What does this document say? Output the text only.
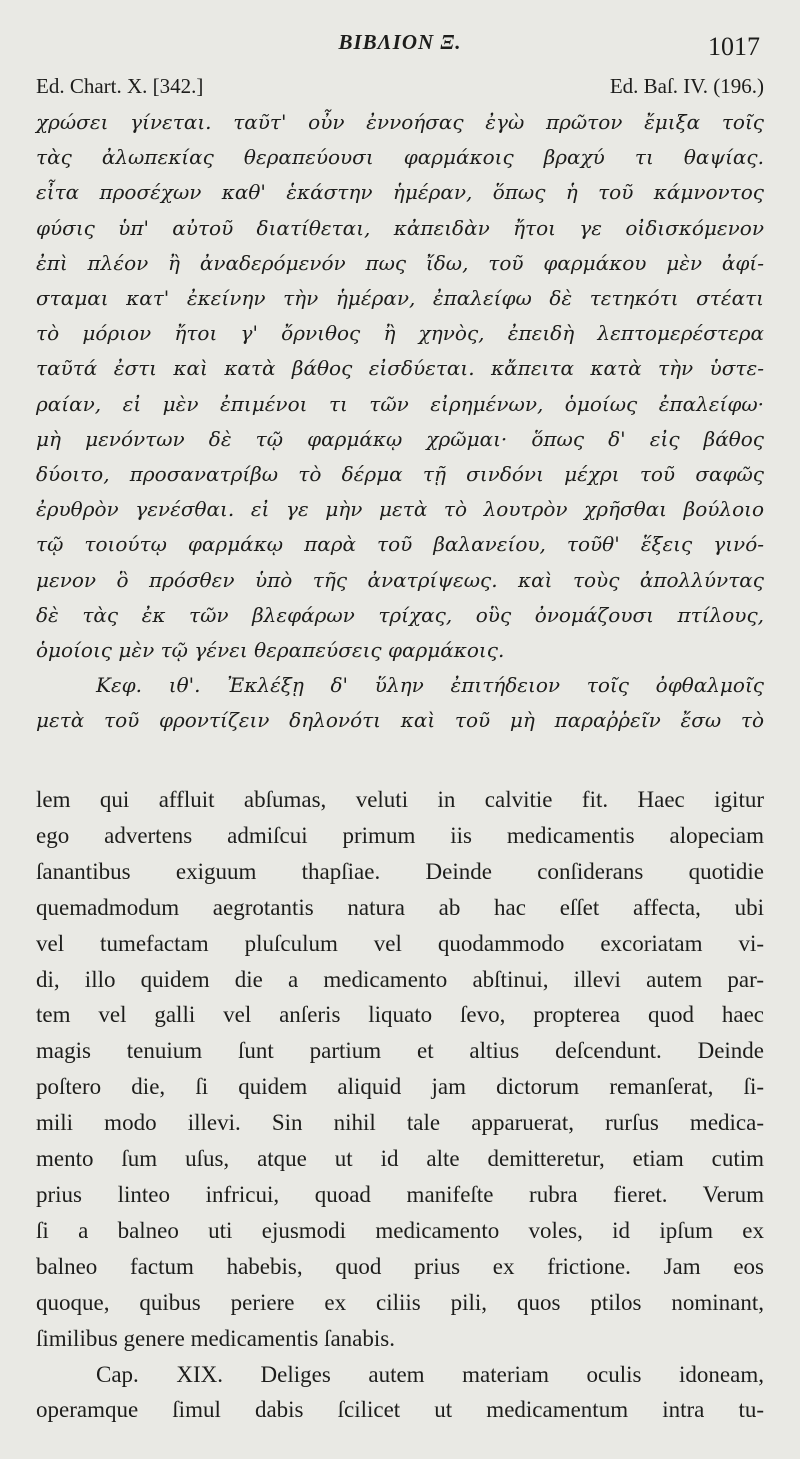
BIBΛΙΟΝ Ξ.	1017
Ed. Chart. X. [342.]	Ed. Baſ. IV. (196.)
χρώσει γίνεται. ταῦτ' οὖν ἐννοήσας ἐγὼ πρῶτον ἔμιξα τοῖς
τὰς ἀλωπεκίας θεραπεύουσι φαρμάκοις βραχύ τι θαψίας.
εἶτα προσέχων καθ' ἑκάστην ἡμέραν, ὅπως ἡ τοῦ κάμνοντος
φύσις ὑπ' αὐτοῦ διατίθεται, κἀπειδὰν ἤτοι γε οἰδισκόμενον
ἐπὶ πλέον ἢ ἀναδερόμενόν πως ἴδω, τοῦ φαρμάκου μὲν ἀφί-
σταμαι κατ' ἐκείνην τὴν ἡμέραν, ἐπαλείφω δὲ τετηκότι στέατι
τὸ μόριον ἤτοι γ' ὄρνιθος ἢ χηνὸς, ἐπειδὴ λεπτομερέστερα
ταῦτά ἐστι καὶ κατὰ βάθος εἰσδύεται. κἄπειτα κατὰ τὴν ὑστε-
ραίαν, εἰ μὲν ἐπιμένοι τι τῶν εἰρημένων, ὁμοίως ἐπαλείφω·
μὴ μενόντων δὲ τῷ φαρμάκῳ χρῶμαι· ὅπως δ' εἰς βάθος
δύοιτο, προσανατρίβω τὸ δέρμα τῇ σινδόνι μέχρι τοῦ σαφῶς
ἐρυθρὸν γενέσθαι. εἰ γε μὴν μετὰ τὸ λουτρὸν χρῆσθαι βούλοιο
τῷ τοιούτῳ φαρμάκῳ παρὰ τοῦ βαλανείου, τοῦθ' ἕξεις γινό-
μενον ὃ πρόσθεν ὑπὸ τῆς ἀνατρίψεως. καὶ τοὺς ἀπολλύντας
δὲ τὰς ἐκ τῶν βλεφάρων τρίχας, οὓς ὀνομάζουσι πτίλους,
ὁμοίοις μὲν τῷ γένει θεραπεύσεις φαρμάκοις.
Κεφ. ιθ'. Ἐκλέξῃ δ' ὕλην ἐπιτήδειον τοῖς ὀφθαλμοῖς
μετὰ τοῦ φροντίζειν δηλονότι καὶ τοῦ μὴ παραῤῥεῖν ἔσω τὸ
lem qui affluit abſumas, veluti in calvitie fit. Haec igitur
ego advertens admiſcui primum iis medicamentis alopeciam
ſanantibus exiguum thapſiae. Deinde conſiderans quotidie
quemadmodum aegrotantis natura ab hac eſſet affecta, ubi
vel tumefactam pluſculum vel quodammodo excoriatam vi-
di, illo quidem die a medicamento abſtinui, illevi autem par-
tem vel galli vel anſeris liquato ſevo, propterea quod haec
magis tenuium ſunt partium et altius deſcendunt. Deinde
poſtero die, ſi quidem aliquid jam dictorum remanſerat, ſi-
mili modo illevi. Sin nihil tale apparuerat, rurſus medica-
mento ſum uſus, atque ut id alte demitteretur, etiam cutim
prius linteo infricui, quoad manifeſte rubra fieret. Verum
ſi a balneo uti ejusmodi medicamento voles, id ipſum ex
balneo factum habebis, quod prius ex frictione. Jam eos
quoque, quibus periere ex ciliis pili, quos ptilos nominant,
ſimilibus genere medicamentis ſanabis.
Cap. XIX. Deliges autem materiam oculis idoneam,
operamque ſimul dabis ſcilicet ut medicamentum intra tu-
